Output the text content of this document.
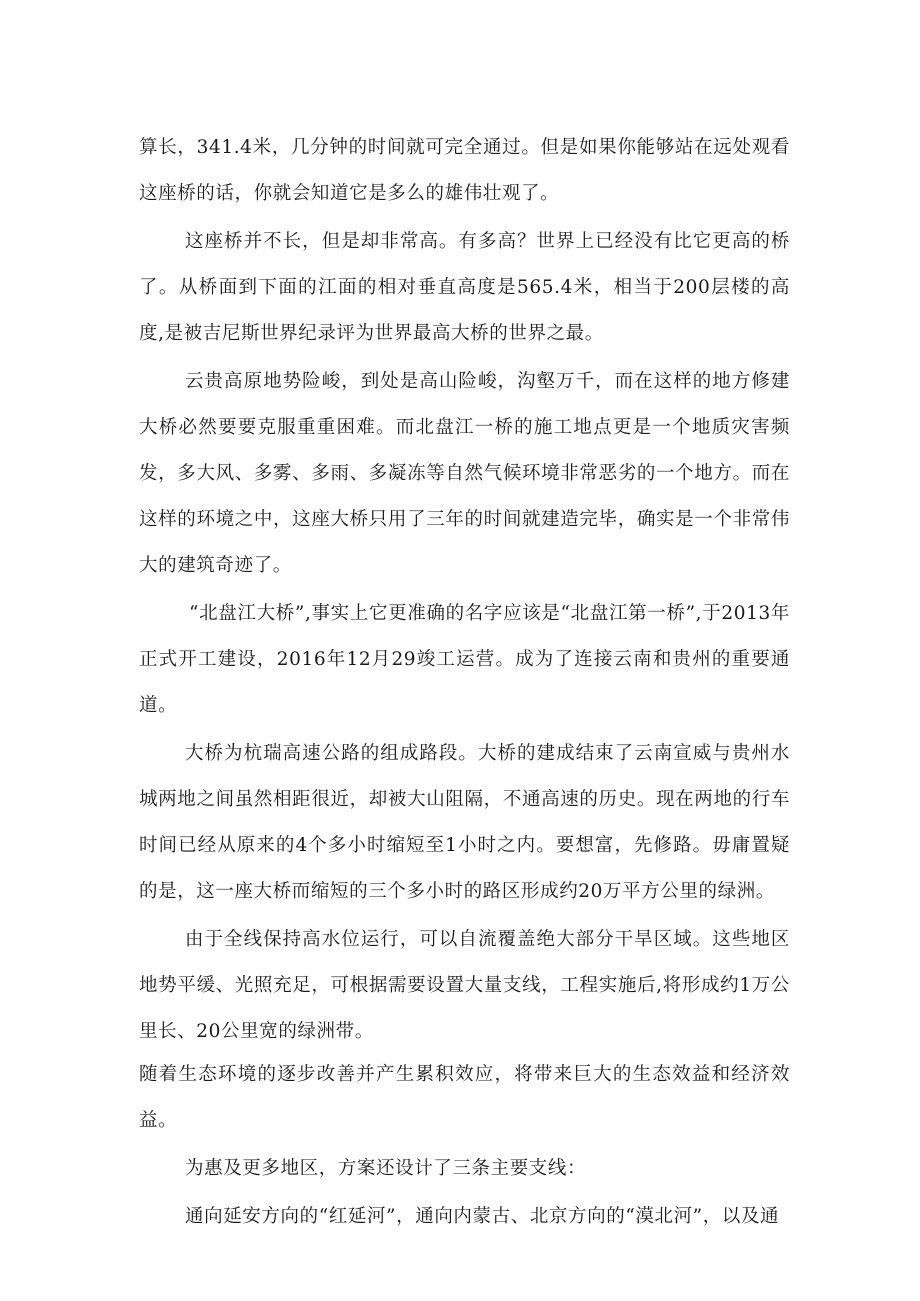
算长，341.4米，几分钟的时间就可完全通过。但是如果你能够站在远处观看这座桥的话，你就会知道它是多么的雄伟壮观了。

这座桥并不长，但是却非常高。有多高？世界上已经没有比它更高的桥了。从桥面到下面的江面的相对垂直高度是565.4米，相当于200层楼的高度,是被吉尼斯世界纪录评为世界最高大桥的世界之最。

云贵高原地势险峻，到处是高山险峻，沟壑万千，而在这样的地方修建大桥必然要要克服重重困难。而北盘江一桥的施工地点更是一个地质灾害频发，多大风、多雾、多雨、多凝冻等自然气候环境非常恶劣的一个地方。而在这样的环境之中，这座大桥只用了三年的时间就建造完毕，确实是一个非常伟大的建筑奇迹了。

“北盘江大桥”,事实上它更准确的名字应该是“北盘江第一桥”,于2013年正式开工建设，2016年12月29竣工运营。成为了连接云南和贵州的重要通道。

大桥为杭瑞高速公路的组成路段。大桥的建成结束了云南宣威与贵州水城两地之间虽然相距很近，却被大山阻隔，不通高速的历史。现在两地的行车时间已经从原来的4个多小时缩短至1小时之内。要想富，先修路。毋庸置疑的是，这一座大桥而缩短的三个多小时的路区形成约20万平方公里的绿洲。

由于全线保持高水位运行，可以自流覆盖绝大部分干旱区域。这些地区地势平缓、光照充足，可根据需要设置大量支线，工程实施后,将形成约1万公里长、20公里宽的绿洲带。

随着生态环境的逐步改善并产生累积效应，将带来巨大的生态效益和经济效益。

为惠及更多地区，方案还设计了三条主要支线：

通向延安方向的“红延河”，通向内蒙古、北京方向的“漠北河”，以及通
